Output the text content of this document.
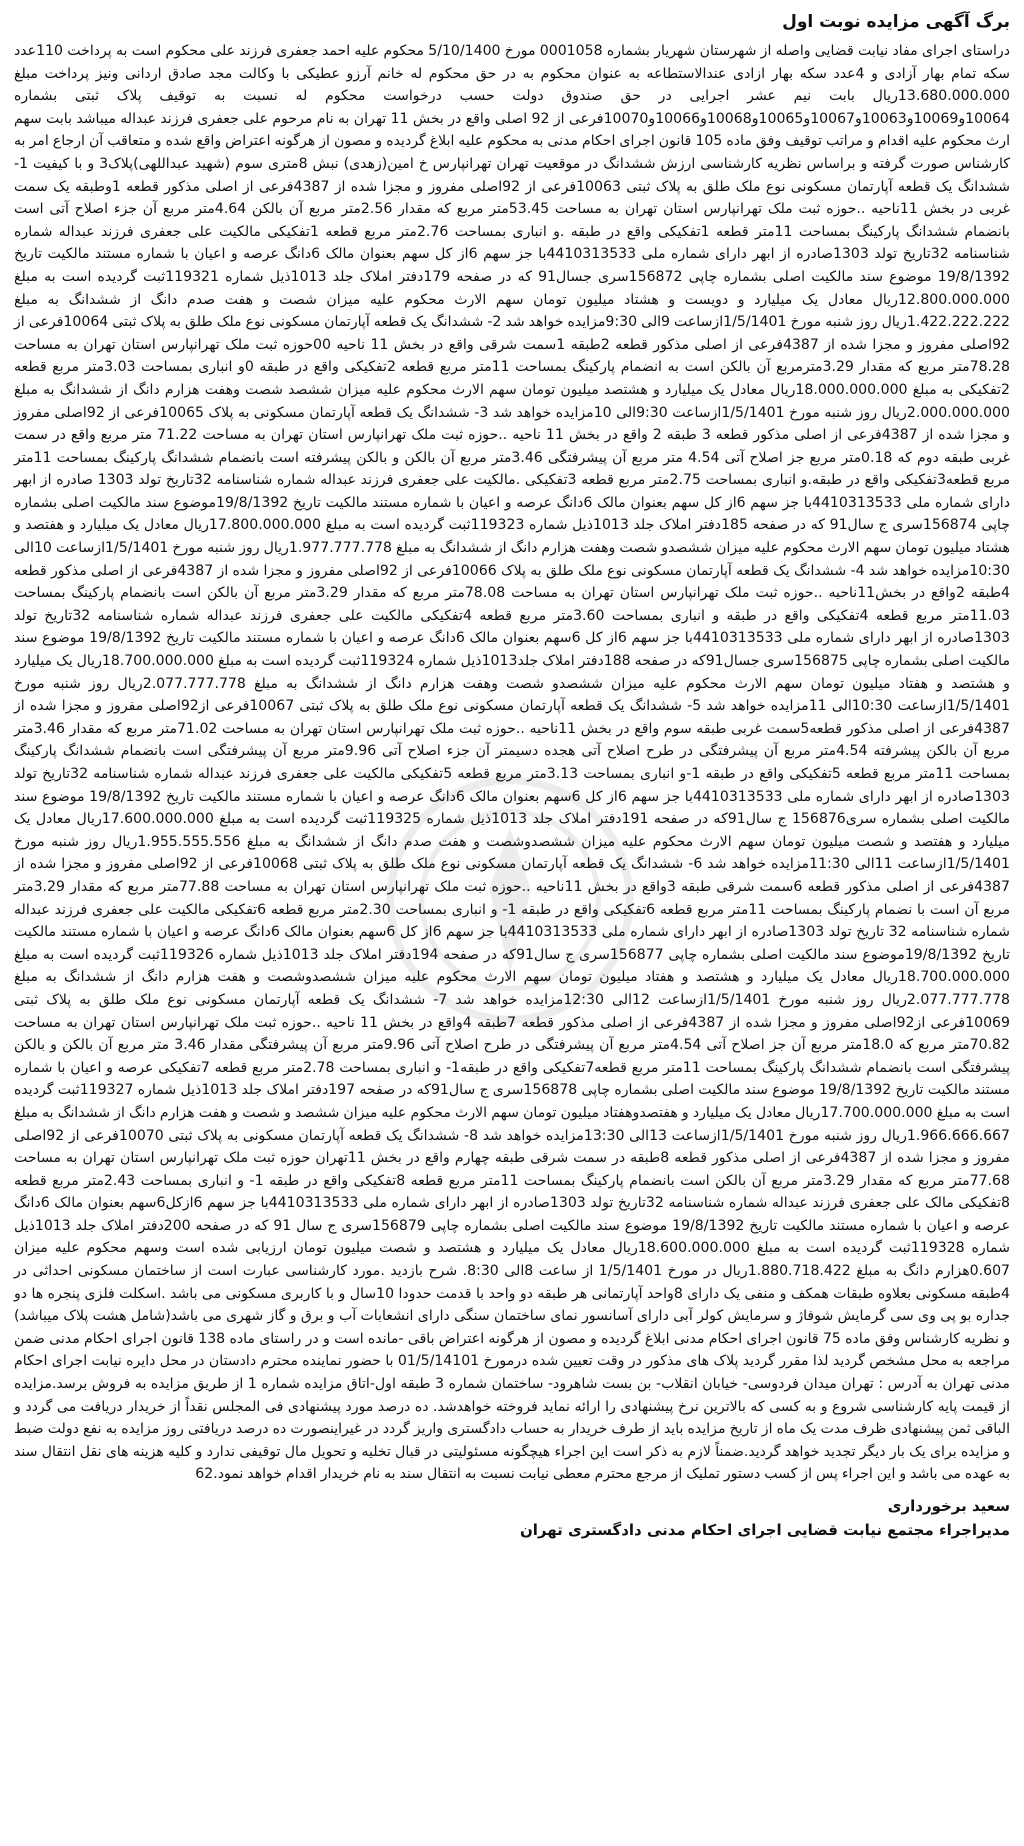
برگ آگهی مزایده نوبت اول

دراستای اجرای مفاد نیابت قضایی واصله از شهرستان شهریار بشماره 0001058 مورخ 5/10/1400 محکوم علیه احمد جعفری فرزند علی محکوم است به پرداخت 110عدد سکه تمام بهار آزادی و 4عدد سکه بهار ازادی عندالاستطاعه به عنوان محکوم به در حق محکوم له خانم آرزو عطیکی با وکالت مجد صادق اردانی ونیز پرداخت مبلغ 13.680.000.000ریال بابت نیم عشر اجرایی در حق صندوق دولت حسب درخواست محکوم له نسبت به توقیف پلاک ثبتی بشماره 10064و10069و10063و10067و10065و10068و10066و10070فرعی از 92 اصلی واقع در بخش 11 تهران به نام مرحوم علی جعفری فرزند عبداله میباشد بابت سهم ارث محکوم علیه اقدام و مراتب توقیف وفق ماده 105 قانون اجرای احکام مدنی به محکوم علیه ابلاغ گردیده و مصون از هرگونه اعتراض واقع شده و متعاقب آن ارجاع امر به کارشناس صورت گرفته و براساس نظریه کارشناسی ارزش ششدانگ در موقعیت تهران تهرانپارس خ امین(زهدی) نبش 8متری سوم (شهید عبداللهی)پلاک3 و با کیفیت 1- ششدانگ یک قطعه آپارتمان مسکونی نوع ملک طلق به پلاک ثبتی 10063فرعی از 92اصلی مفروز و مجزا شده از 4387فرعی از اصلی مذکور قطعه 1وطبقه یک سمت غربی در بخش 11ناحیه ..حوزه ثبت ملک تهرانپارس استان تهران به مساحت 53.45متر مربع که مقدار 2.56متر مربع آن بالکن 4.64متر مربع آن جزء اصلاح آتی است بانضمام ششدانگ پارکینگ بمساحت 11متر قطعه 1تفکیکی واقع در طبقه .و انباری بمساحت 2.76متر مربع قطعه 1تفکیکی مالکیت علی جعفری فرزند عبداله شماره شناسنامه 32تاریخ تولد 1303صادره از ابهر دارای شماره ملی 4410313533با جز سهم 6از کل سهم بعنوان مالک 6دانگ عرصه و اعیان با شماره مستند مالکیت تاریخ 19/8/1392 موضوع سند مالکیت اصلی بشماره چاپی 156872سری جسال91 که در صفحه 179دفتر املاک جلد 1013ذیل شماره 119321ثبت گردیده است به مبلغ 12.800.000.000ریال معادل یک میلیارد و دویست و هشتاد میلیون تومان سهم الارث محکوم علیه میزان شصت و هفت صدم دانگ از ششدانگ به مبلغ 1.422.222.222ریال روز شنبه مورخ 1/5/1401ازساعت 9الی 9:30مزایده خواهد شد 2- ششدانگ یک قطعه آپارتمان مسکونی نوع ملک طلق به پلاک ثبتی 10064فرعی از 92اصلی مفروز و مجزا شده از 4387فرعی از اصلی مذکور قطعه 2طبقه 1سمت شرقی واقع در بخش 11 ناحیه 00حوزه ثبت ملک تهرانپارس استان تهران به مساحت 78.28متر مربع که مقدار 3.29مترمربع آن بالکن است به انضمام پارکینگ بمساحت 11متر مربع قطعه 2تفکیکی واقع در طبقه 0و انباری بمساحت 3.03متر مربع قطعه 2تفکیکی به مبلغ 18.000.000.000ریال معادل یک میلیارد و هشتصد میلیون تومان سهم الارث محکوم علیه میزان ششصد شصت وهفت هزارم دانگ از ششدانگ به مبلغ 2.000.000.000ریال روز شنبه مورخ 1/5/1401ازساعت 9:30الی 10مزایده خواهد شد 3- ششدانگ یک قطعه آپارتمان مسکونی به پلاک 10065فرعی از 92اصلی مفروز و مجزا شده از 4387فرعی از اصلی مذکور قطعه 3 طبقه 2 واقع در بخش 11 ناحیه ..حوزه ثبت ملک تهرانپارس استان تهران به مساحت 71.22 متر مربع واقع در سمت غربی طبقه دوم که 0.18متر مربع جز اصلاح آتی 4.54 متر مربع آن پیشرفتگی 3.46متر مربع آن بالکن و بالکن پیشرفته است بانضمام ششدانگ پارکینگ بمساحت 11متر مربع قطعه3تفکیکی واقع در طبقه.و انباری بمساحت 2.75متر مربع قطعه 3تفکیکی .مالکیت علی جعفری فرزند عبداله شماره شناسنامه 32تاریخ تولد 1303 صادره از ابهر دارای شماره ملی 4410313533با جز سهم 6از کل سهم بعنوان مالک 6دانگ عرصه و اعیان با شماره مستند مالکیت تاریخ 19/8/1392موضوع سند مالکیت اصلی بشماره چاپی 156874سری ج سال91 که در صفحه 185دفتر املاک جلد 1013ذیل شماره 119323ثبت گردیده است به مبلغ 17.800.000.000ریال معادل یک میلیارد و هفتصد و هشتاد میلیون تومان سهم الارث محکوم علیه میزان ششصدو شصت وهفت هزارم دانگ از ششدانگ به مبلغ 1.977.777.778ریال روز شنبه مورخ 1/5/1401ازساعت 10الی 10:30مزایده خواهد شد 4- ششدانگ یک قطعه آپارتمان مسکونی نوع ملک طلق به پلاک 10066فرعی از 92اصلی مفروز و مجزا شده از 4387فرعی از اصلی مذکور قطعه 4طبقه 2واقع در بخش11ناحیه ..حوزه ثبت ملک تهرانپارس استان تهران به مساحت 78.08متر مربع که مقدار 3.29متر مربع آن بالکن است بانضمام پارکینگ بمساحت 11.03متر مربع قطعه 4تفکیکی واقع در طبقه و انباری بمساحت 3.60متر مربع قطعه 4تفکیکی مالکیت علی جعفری فرزند عبداله شماره شناسنامه 32تاریخ تولد 1303صادره از ابهر دارای شماره ملی 4410313533با جز سهم 6از کل 6سهم بعنوان مالک 6دانگ عرصه و اعیان با شماره مستند مالکیت تاریخ 19/8/1392 موضوع سند مالکیت اصلی بشماره چاپی 156875سری جسال91که در صفحه 188دفتر املاک جلد1013ذیل شماره 119324ثبت گردیده است به مبلغ 18.700.000.000ریال یک میلیارد و هشتصد و هفتاد میلیون تومان سهم الارث محکوم علیه میزان ششصدو شصت وهفت هزارم دانگ از ششدانگ به مبلغ 2.077.777.778ریال روز شنبه مورخ 1/5/1401ازساعت 10:30الی 11مزایده خواهد شد 5- ششدانگ یک قطعه آپارتمان مسکونی نوع ملک طلق به پلاک ثبتی 10067فرعی از92اصلی مفروز و مجزا شده از 4387فرعی از اصلی مذکور قطعه5سمت غربی طبقه سوم واقع در بخش 11ناحیه ..حوزه ثبت ملک تهرانپارس استان تهران به مساحت 71.02متر مربع که مقدار 3.46متر مربع آن بالکن پیشرفته 4.54متر مربع آن پیشرفتگی در طرح اصلاح آتی هجده دسیمتر آن جزء اصلاح آتی 9.96متر مربع آن پیشرفتگی است بانضمام ششدانگ پارکینگ بمساحت 11متر مربع قطعه 5تفکیکی واقع در طبقه 1-و انباری بمساحت 3.13متر مربع قطعه 5تفکیکی مالکیت علی جعفری فرزند عبداله شماره شناسنامه 32تاریخ تولد 1303صادره از ابهر دارای شماره ملی 4410313533با جز سهم 6از کل 6سهم بعنوان مالک 6دانگ عرصه و اعیان با شماره مستند مالکیت تاریخ 19/8/1392 موضوع سند مالکیت اصلی بشماره سری156876 ج سال91که در صفحه 191دفتر املاک جلد 1013ذیل شماره 119325ثبت گردیده است به مبلغ 17.600.000.000ریال معادل یک میلیارد و هفتصد و شصت میلیون تومان سهم الارث محکوم علیه میزان ششصدوشصت و هفت صدم دانگ از ششدانگ به مبلغ 1.955.555.556ریال روز شنبه مورخ 1/5/1401ازساعت 11الی 11:30مزایده خواهد شد 6- ششدانگ یک قطعه آپارتمان مسکونی نوع ملک طلق به پلاک ثبتی 10068فرعی از 92اصلی مفروز و مجزا شده از 4387فرعی از اصلی مذکور قطعه 6سمت شرقی طبقه 3واقع در بخش 11ناحیه ..حوزه ثبت ملک تهرانپارس استان تهران به مساحت 77.88متر مربع که مقدار 3.29متر مربع آن است با نضمام پارکینگ بمساحت 11متر مربع قطعه 6تفکیکی واقع در طبقه 1- و انباری بمساحت 2.30متر مربع قطعه 6تفکیکی مالکیت علی جعفری فرزند عبداله شماره شناسنامه 32 تاریخ تولد 1303صادره از ابهر دارای شماره ملی 4410313533با جز سهم 6از کل 6سهم بعنوان مالک 6دانگ عرصه و اعیان با شماره مستند مالکیت تاریخ 19/8/1392موضوع سند مالکیت اصلی بشماره چاپی 156877سری ج سال91که در صفحه 194دفتر املاک جلد 1013ذیل شماره 119326ثبت گردیده است به مبلغ 18.700.000.000ریال معادل یک میلیارد و هشتصد و هفتاد میلیون تومان سهم الارث محکوم علیه میزان ششصدوشصت و هفت هزارم دانگ از ششدانگ به مبلغ 2.077.777.778ریال روز شنبه مورخ 1/5/1401ازساعت 12الی 12:30مزایده خواهد شد 7- ششدانگ یک قطعه آپارتمان مسکونی نوع ملک طلق به پلاک ثبتی 10069فرعی از92اصلی مفروز و مجزا شده از 4387فرعی از اصلی مذکور قطعه 7طبقه 4واقع در بخش 11 ناحیه ..حوزه ثبت ملک تهرانپارس استان تهران به مساحت 70.82متر مربع که 18.0متر مربع آن جز اصلاح آتی 4.54متر مربع آن پیشرفتگی در طرح اصلاح آتی 9.96متر مربع آن پیشرفتگی مقدار 3.46 متر مربع آن بالکن و بالکن پیشرفتگی است بانضمام ششدانگ پارکینگ بمساحت 11متر مربع قطعه7تفکیکی واقع در طبقه1- و انباری بمساحت 2.78متر مربع قطعه 7تفکیکی عرصه و اعیان با شماره مستند مالکیت تاریخ 19/8/1392 موضوع سند مالکیت اصلی بشماره چاپی 156878سری ج سال91که در صفحه 197دفتر املاک جلد 1013ذیل شماره 119327ثبت گردیده است به مبلغ 17.700.000.000ریال معادل یک میلیارد و هفتصدوهفتاد میلیون تومان سهم الارث محکوم علیه میزان ششصد و شصت و هفت هزارم دانگ از ششدانگ به مبلغ 1.966.666.667ریال روز شنبه مورخ 1/5/1401ازساعت 13الی 13:30مزایده خواهد شد 8- ششدانگ یک قطعه آپارتمان مسکونی به پلاک ثبتی 10070فرعی از 92اصلی مفروز و مجزا شده از 4387فرعی از اصلی مذکور قطعه 8طبقه در سمت شرقی طبقه چهارم واقع در بخش 11تهران حوزه ثبت ملک تهرانپارس استان تهران به مساحت 77.68متر مربع که مقدار 3.29متر مربع آن بالکن است بانضمام پارکینگ بمساحت 11متر مربع قطعه 8تفکیکی واقع در طبقه 1- و انباری بمساحت 2.43متر مربع قطعه 8تفکیکی مالک علی جعفری فرزند عبداله شماره شناسنامه 32تاریخ تولد 1303صادره از ابهر دارای شماره ملی 4410313533با جز سهم 6ازکل6سهم بعنوان مالک 6دانگ عرصه و اعیان با شماره مستند مالکیت تاریخ 19/8/1392 موضوع سند مالکیت اصلی بشماره چاپی 156879سری ج سال 91 که در صفحه 200دفتر املاک جلد 1013ذیل شماره 119328ثبت گردیده است به مبلغ 18.600.000.000ریال معادل یک میلیارد و هشتصد و شصت میلیون تومان ارزیابی شده است وسهم محکوم علیه میزان 0.607هزارم دانگ به مبلغ 1.880.718.422ریال در مورخ 1/5/1401 از ساعت 8الی 8:30. شرح بازدید .مورد کارشناسی عبارت است از ساختمان مسکونی احداثی در 4طبقه مسکونی بعلاوه طبقات همکف و منفی یک دارای 8واحد آپارتمانی هر طبقه دو واحد با قدمت حدودا 10سال و با کاربری مسکونی می باشد .اسکلت فلزی پنجره ها دو جداره بو پی وی سی گرمایش شوفاژ و سرمایش کولر آبی دارای آسانسور نمای ساختمان سنگی دارای انشعابات آب و برق و گاز شهری می باشد(شامل هشت پلاک میباشد) و نظریه کارشناس وفق ماده 75 قانون اجرای احکام مدنی ابلاغ گردیده و مصون از هرگونه اعتراض باقی -مانده است و در راستای ماده 138 قانون اجرای احکام مدنی ضمن مراجعه به محل مشخص گردید لذا مقرر گردید پلاک های مذکور در وقت تعیین شده درمورخ 01/5/14101 با حضور نماینده محترم دادستان در محل دایره نیابت اجرای احکام مدنی تهران به آدرس : تهران میدان فردوسی- خیابان انقلاب- بن بست شاهرود- ساختمان شماره 3 طبقه اول-اتاق مزایده شماره 1 از طریق مزایده به فروش برسد.مزایده از قیمت پایه کارشناسی شروع و به کسی که بالاترین نرخ پیشنهادی را ارائه نماید فروخته خواهدشد. ده درصد مورد پیشنهادی فی المجلس نقداً از خریدار دریافت می گردد و الباقی ثمن پیشنهادی ظرف مدت یک ماه از تاریخ مزایده باید از طرف خریدار به حساب دادگستری واریز گردد در غیراینصورت ده درصد دریافتی روز مزایده به نفع دولت ضبط و مزایده برای یک بار دیگر تجدید خواهد گردید.ضمناً لازم به ذکر است این اجراء هیچگونه مسئولیتی در قبال تخلیه و تحویل مال توقیفی ندارد و کلیه هزینه های نقل انتقال سند به عهده می باشد و این اجراء پس از کسب دستور تملیک از مرجع محترم معطی نیابت نسبت به انتقال سند به نام خریدار اقدام خواهد نمود.62

سعید برخورداری
مدیراجراء مجتمع نیابت قضایی اجرای احکام مدنی دادگستری تهران
